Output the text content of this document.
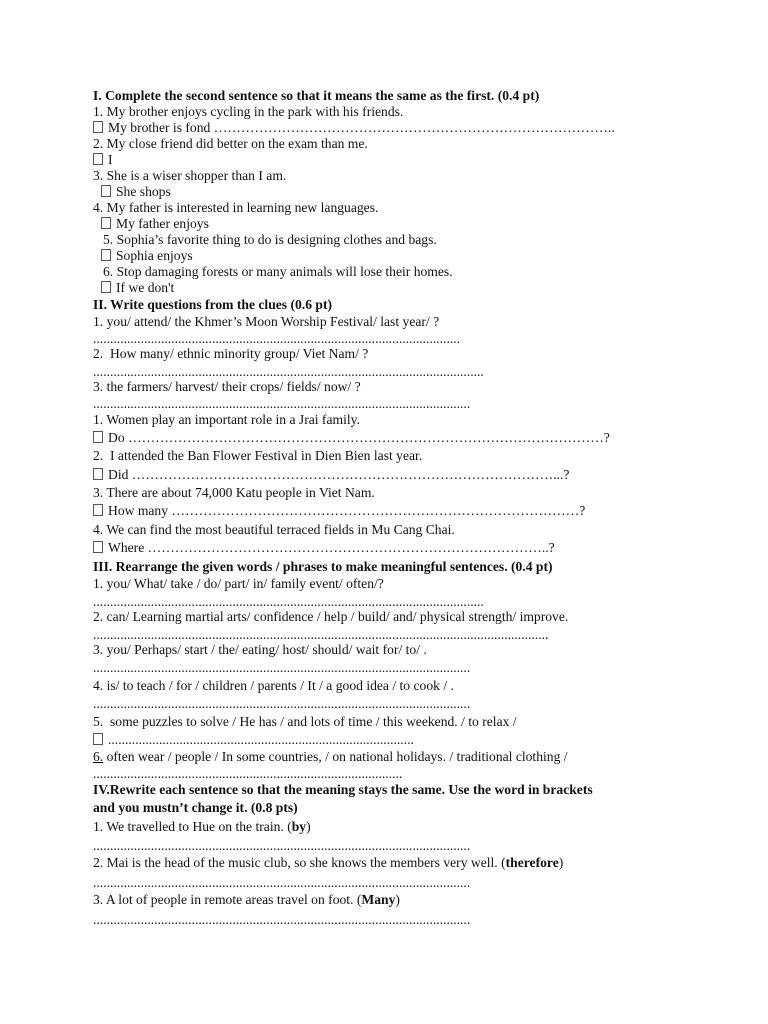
I. Complete the second sentence so that it means the same as the first. (0.4 pt)
1. My brother enjoys cycling in the park with his friends.
My brother is fond ……………………………………………………………………………..
2. My close friend did better on the exam than me.
I
3. She is a wiser shopper than I am.
She shops
4. My father is interested in learning new languages.
My father enjoys
5. Sophia’s favorite thing to do is designing clothes and bags.
Sophia enjoys
6. Stop damaging forests or many animals will lose their homes.
If we don't
II. Write questions from the clues (0.6 pt)
1. you/ attend/ the Khmer’s Moon Worship Festival/ last year/ ?
............................................................................................................
2.  How many/ ethnic minority group/ Viet Nam/ ?
...................................................................................................................
3. the farmers/ harvest/ their crops/ fields/ now/ ?
...............................................................................................................
1. Women play an important role in a Jrai family.
Do ……………………………………………………………………………………………?
2.  I attended the Ban Flower Festival in Dien Bien last year.
Did …………………………………………………………………………………...?
3. There are about 74,000 Katu people in Viet Nam.
How many ………………………………………………………………………………?
4. We can find the most beautiful terraced fields in Mu Cang Chai.
Where ……………………………………………………………………………..?
III. Rearrange the given words / phrases to make meaningful sentences. (0.4 pt)
1. you/ What/ take / do/ part/ in/ family event/ often/?
...................................................................................................................
2. can/ Learning martial arts/ confidence / help / build/ and/ physical strength/ improve.
......................................................................................................................................
3. you/ Perhaps/ start / the/ eating/ host/ should/ wait for/ to/ .
...............................................................................................................
4. is/ to teach / for / children / parents / It / a good idea / to cook / .
...............................................................................................................
5.  some puzzles to solve / He has / and lots of time / this weekend. / to relax /
..........................................................................................
6. often wear / people / In some countries, / on national holidays. / traditional clothing /
...........................................................................................
IV.Rewrite each sentence so that the meaning stays the same. Use the word in brackets
and you mustn’t change it. (0.8 pts)
1. We travelled to Hue on the train. (by)
...............................................................................................................
2. Mai is the head of the music club, so she knows the members very well. (therefore)
...............................................................................................................
3. A lot of people in remote areas travel on foot. (Many)
...............................................................................................................
